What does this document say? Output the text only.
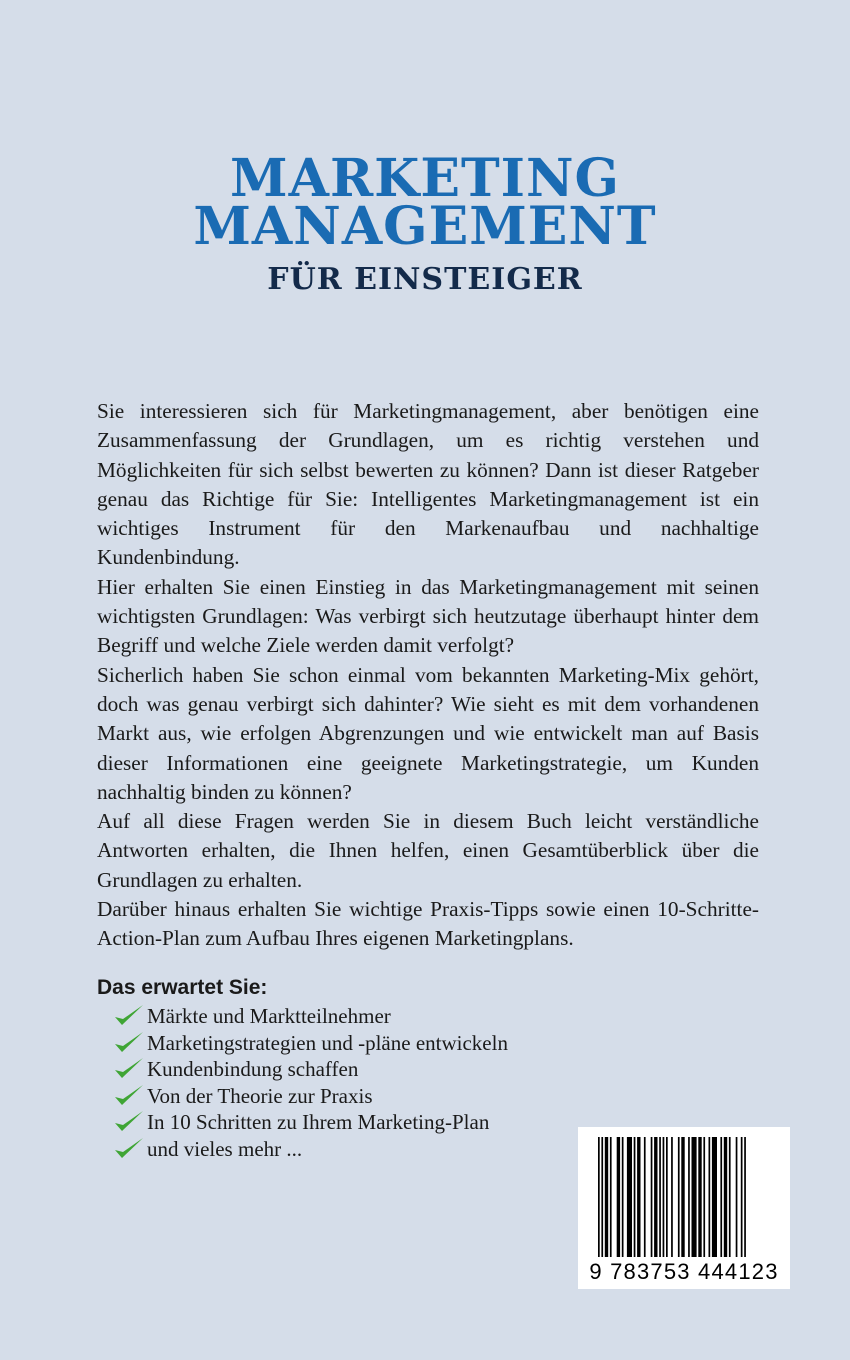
MARKETING
MANAGEMENT
FÜR EINSTEIGER

Sie interessieren sich für Marketingmanagement, aber benötigen eine Zusammenfassung der Grundlagen, um es richtig verstehen und Möglichkeiten für sich selbst bewerten zu können? Dann ist dieser Ratgeber genau das Richtige für Sie: Intelligentes Marketingmanagement ist ein wichtiges Instrument für den Markenaufbau und nachhaltige Kundenbindung.

Hier erhalten Sie einen Einstieg in das Marketingmanagement mit seinen wichtigsten Grundlagen: Was verbirgt sich heutzutage überhaupt hinter dem Begriff und welche Ziele werden damit verfolgt?

Sicherlich haben Sie schon einmal vom bekannten Marketing-Mix gehört, doch was genau verbirgt sich dahinter? Wie sieht es mit dem vorhandenen Markt aus, wie erfolgen Abgrenzungen und wie entwickelt man auf Basis dieser Informationen eine geeignete Marketingstrategie, um Kunden nachhaltig binden zu können?

Auf all diese Fragen werden Sie in diesem Buch leicht verständliche Antworten erhalten, die Ihnen helfen, einen Gesamtüberblick über die Grundlagen zu erhalten.

Darüber hinaus erhalten Sie wichtige Praxis-Tipps sowie einen 10-Schritte-Action-Plan zum Aufbau Ihres eigenen Marketingplans.

Das erwartet Sie:
Märkte und Marktteilnehmer
Marketingstrategien und -pläne entwickeln
Kundenbindung schaffen
Von der Theorie zur Praxis
In 10 Schritten zu Ihrem Marketing-Plan
und vieles mehr ...
9 783753 444123
